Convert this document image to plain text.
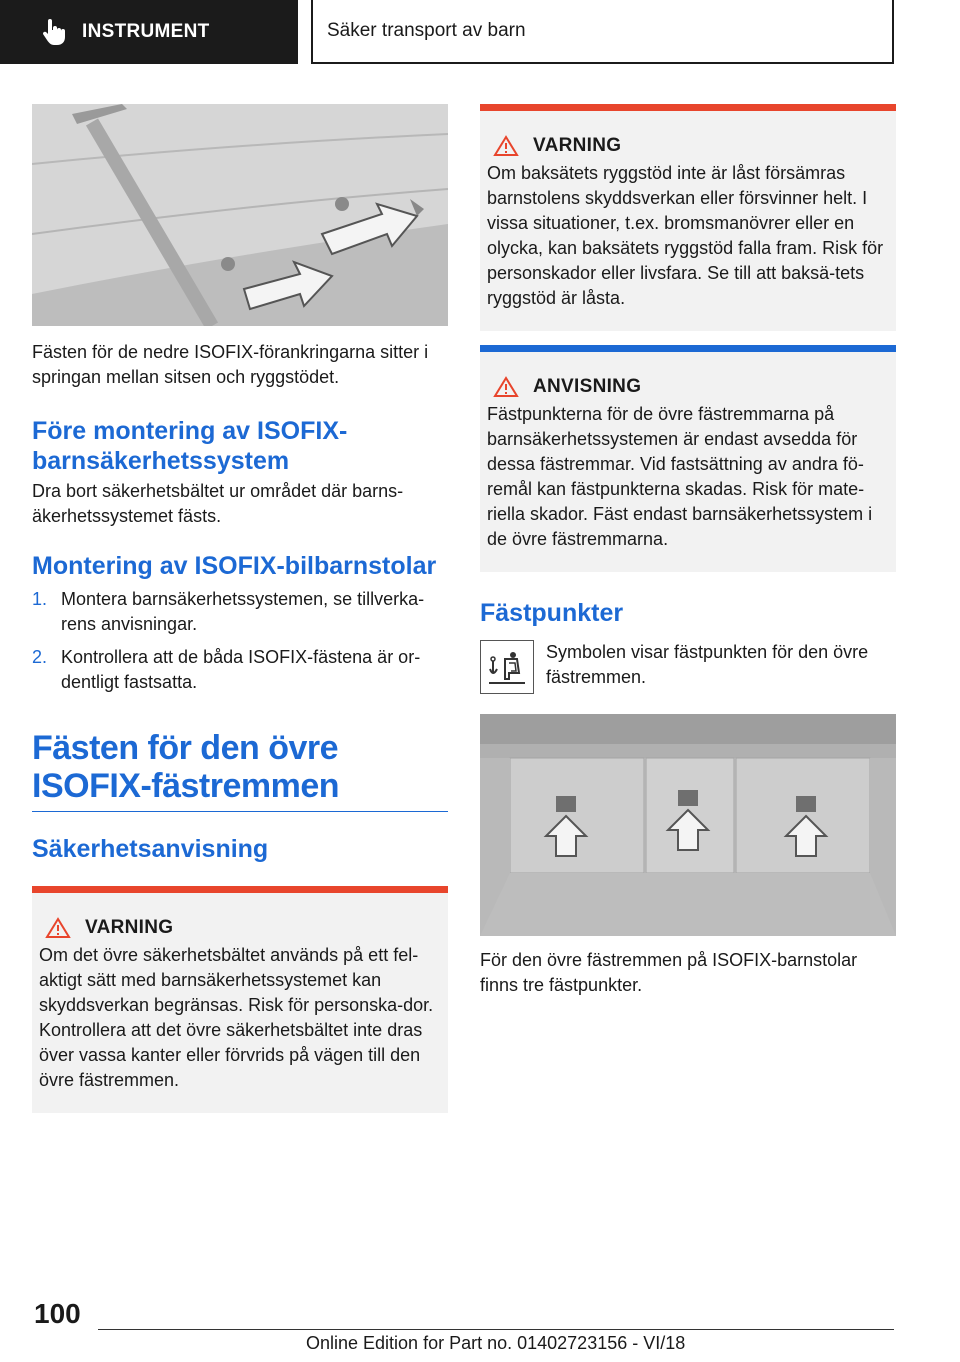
INSTRUMENT	Säker transport av barn

Fästen för de nedre ISOFIX-förankringarna sitter i springan mellan sitsen och ryggstödet.

Före montering av ISOFIX-barnsäkerhetssystem

Dra bort säkerhetsbältet ur området där barns-äkerhetssystemet fästs.

Montering av ISOFIX-bilbarnstolar
1. Montera barnsäkerhetssystemen, se tillverka-rens anvisningar.
2. Kontrollera att de båda ISOFIX-fästena är or-dentligt fastsatta.
Fästen för den övre ISOFIX-fästremmen
Säkerhetsanvisning
VARNING

Om det övre säkerhetsbältet används på ett fel-aktigt sätt med barnsäkerhetssystemet kan skyddsverkan begränsas. Risk för personska-dor. Kontrollera att det övre säkerhetsbältet inte dras över vassa kanter eller förvrids på vägen till den övre fästremmen.

VARNING

Om baksätets ryggstöd inte är låst försämras barnstolens skyddsverkan eller försvinner helt. I vissa situationer, t.ex. bromsmanövrer eller en olycka, kan baksätets ryggstöd falla fram. Risk för personskador eller livsfara. Se till att baksä-tets ryggstöd är låsta.

ANVISNING

Fästpunkterna för de övre fästremmarna på barnsäkerhetssystemen är endast avsedda för dessa fästremmar. Vid fastsättning av andra fö-remål kan fästpunkterna skadas. Risk för mate-riella skador. Fäst endast barnsäkerhetssystem i de övre fästremmarna.

Fästpunkter

Symbolen visar fästpunkten för den övre fästremmen.

För den övre fästremmen på ISOFIX-barnstolar finns tre fästpunkter.

100
Online Edition for Part no. 01402723156 - VI/18
